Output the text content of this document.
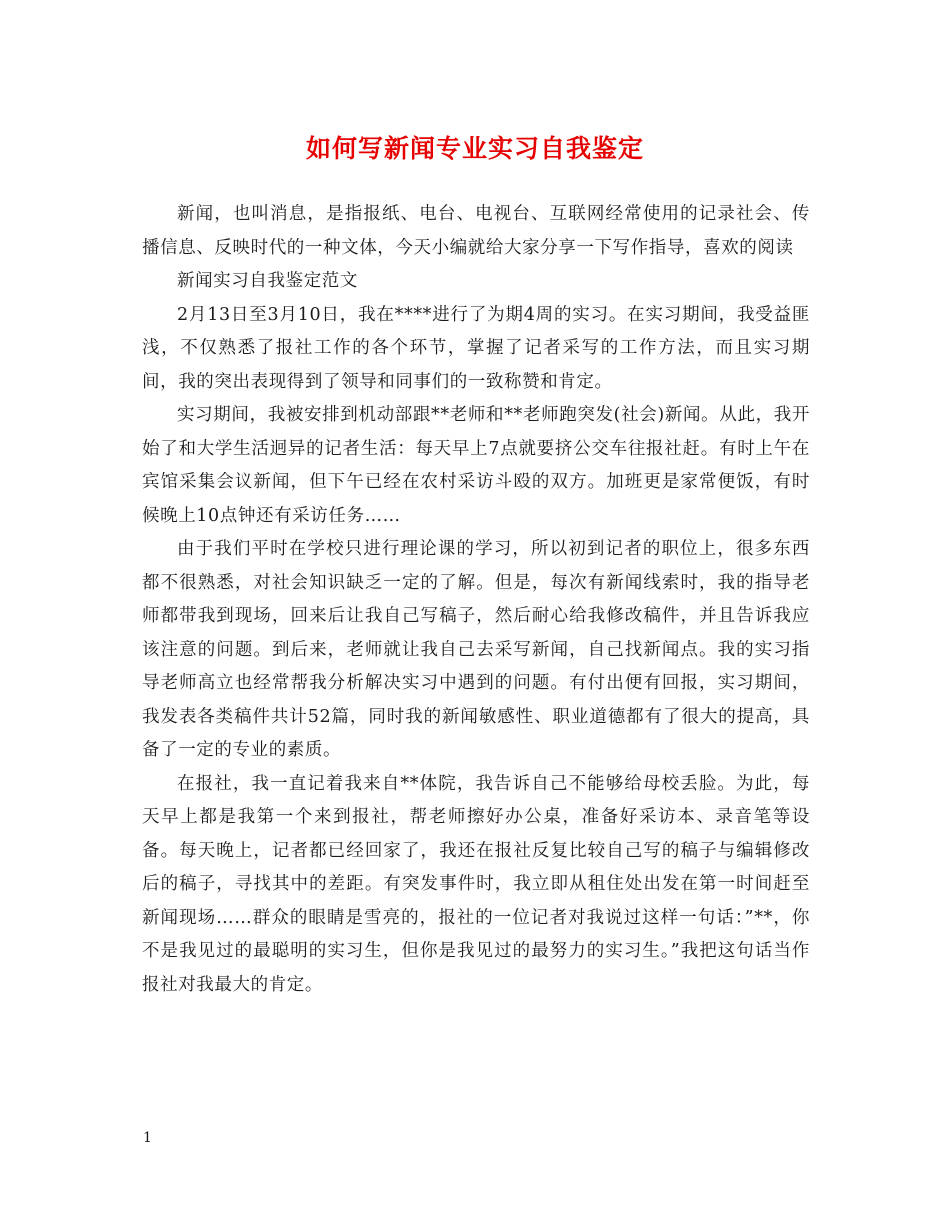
如何写新闻专业实习自我鉴定

新闻，也叫消息，是指报纸、电台、电视台、互联网经常使用的记录社会、传播信息、反映时代的一种文体，今天小编就给大家分享一下写作指导，喜欢的阅读

新闻实习自我鉴定范文

2月13日至3月10日，我在****进行了为期4周的实习。在实习期间，我受益匪浅，不仅熟悉了报社工作的各个环节，掌握了记者采写的工作方法，而且实习期间，我的突出表现得到了领导和同事们的一致称赞和肯定。

实习期间，我被安排到机动部跟**老师和**老师跑突发(社会)新闻。从此，我开始了和大学生活迥异的记者生活：每天早上7点就要挤公交车往报社赶。有时上午在宾馆采集会议新闻，但下午已经在农村采访斗殴的双方。加班更是家常便饭，有时候晚上10点钟还有采访任务……

由于我们平时在学校只进行理论课的学习，所以初到记者的职位上，很多东西都不很熟悉，对社会知识缺乏一定的了解。但是，每次有新闻线索时，我的指导老师都带我到现场，回来后让我自己写稿子，然后耐心给我修改稿件，并且告诉我应该注意的问题。到后来，老师就让我自己去采写新闻，自己找新闻点。我的实习指导老师高立也经常帮我分析解决实习中遇到的问题。有付出便有回报，实习期间，我发表各类稿件共计52篇，同时我的新闻敏感性、职业道德都有了很大的提高，具备了一定的专业的素质。

在报社，我一直记着我来自**体院，我告诉自己不能够给母校丢脸。为此，每天早上都是我第一个来到报社，帮老师擦好办公桌，准备好采访本、录音笔等设备。每天晚上，记者都已经回家了，我还在报社反复比较自己写的稿子与编辑修改后的稿子，寻找其中的差距。有突发事件时，我立即从租住处出发在第一时间赶至新闻现场……群众的眼睛是雪亮的，报社的一位记者对我说过这样一句话：”**，你不是我见过的最聪明的实习生，但你是我见过的最努力的实习生。”我把这句话当作报社对我最大的肯定。

1
